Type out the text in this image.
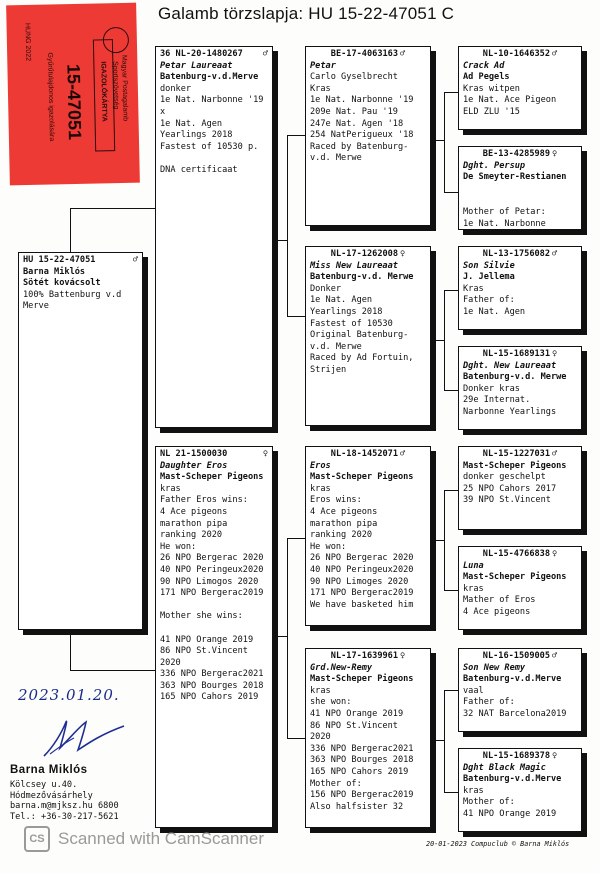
Galamb törzslapja: HU 15-22-47051 C
Magyar Postagalamb
Sportszövetség
IGAZOLÓKÁRTYA
15-47051
Gyűrűtulajdonos igazolására
HUNG 2022
HU 15-22-47051	♂
Barna Miklós
Sötét kovácsolt
100% Battenburg v.d
Merve
36 NL-20-1480267 ♂
Petar Laureaat
Batenburg-v.d.Merve
donker
1e Nat. Narbonne '19
x
1e Nat. Agen
Yearlings 2018
Fastest of 10530 p.
DNA certificaat
NL 21-1500030	♀
Daughter Eros
Mast-Scheper Pigeons
kras
Father Eros wins:
4 Ace pigeons
marathon pipa
ranking 2020
He won:
26 NPO Bergerac 2020
40 NPO Peringeux2020
90 NPO Limogos 2020
171 NPO Bergerac2019
Mother she wins:
41 NPO Orange 2019
86 NPO St.Vincent
2020
336 NPO Bergerac2021
363 NPO Bourges 2018
165 NPO Cahors 2019
BE-17-4063163 ♂
Petar
Carlo Gyselbrecht
Kras
1e Nat. Narbonne '19
209e Nat. Pau '19
247e Nat. Agen '18
254 NatPerigueux '18
Raced by Batenburg-
v.d. Merwe
NL-17-1262008 ♀
Miss New Laureaat
Batenburg-v.d. Merwe
Donker
1e Nat. Agen
Yearlings 2018
Fastest of 10530
Original Batenburg-
v.d. Merwe
Raced by Ad Fortuin,
Strijen
NL-18-1452071 ♂
Eros
Mast-Scheper Pigeons
kras
Eros wins:
4 Ace pigeons
marathon pipa
ranking 2020
He won:
26 NPO Bergerac 2020
40 NPO Peringeux2020
90 NPO Limoges 2020
171 NPO Bergerac2019
We have basketed him
NL-17-1639961 ♀
Grd.New-Remy
Mast-Scheper Pigeons
kras
she won:
41 NPO Orange 2019
86 NPO St.Vincent
2020
336 NPO Bergerac2021
363 NPO Bourges 2018
165 NPO Cahors 2019
Mother of:
156 NPO Bergerac2019
Also halfsister 32
NL-10-1646352 ♂
Crack Ad
Ad Pegels
Kras witpen
1e Nat. Ace Pigeon
ELD ZLU '15
BE-13-4285989 ♀
Dght. Persup
De Smeyter-Restianen
Mother of Petar:
1e Nat. Narbonne
NL-13-1756082 ♂
Son Silvie
J. Jellema
Kras
Father of:
1e Nat. Agen
NL-15-1689131 ♀
Dght. New Laureaat
Batenburg-v.d. Merwe
Donker kras
29e Internat.
Narbonne Yearlings
NL-15-1227031 ♂
Mast-Scheper Pigeons
donker geschelpt
25 NPO Cahors 2017
39 NPO St.Vincent
NL-15-4766838 ♀
Luna
Mast-Scheper Pigeons
kras
Mather of Eros
4 Ace pigeons
NL-16-1509005 ♂
Son New Remy
Batenburg-v.d.Merve
vaal
Father of:
32 NAT Barcelona2019
NL-15-1689378 ♀
Dght Black Magic
Batenburg-v.d.Merve
kras
Mother of:
41 NPO Orange 2019
2023.01.20.
Barna Miklós
Kölcsey u.40.
Hódmezővásárhely
barna.m@mjksz.hu 6800
Tel.: +36-30-217-5621
CS Scanned with CamScanner	20-01-2023 Compuclub © Barna Miklós
